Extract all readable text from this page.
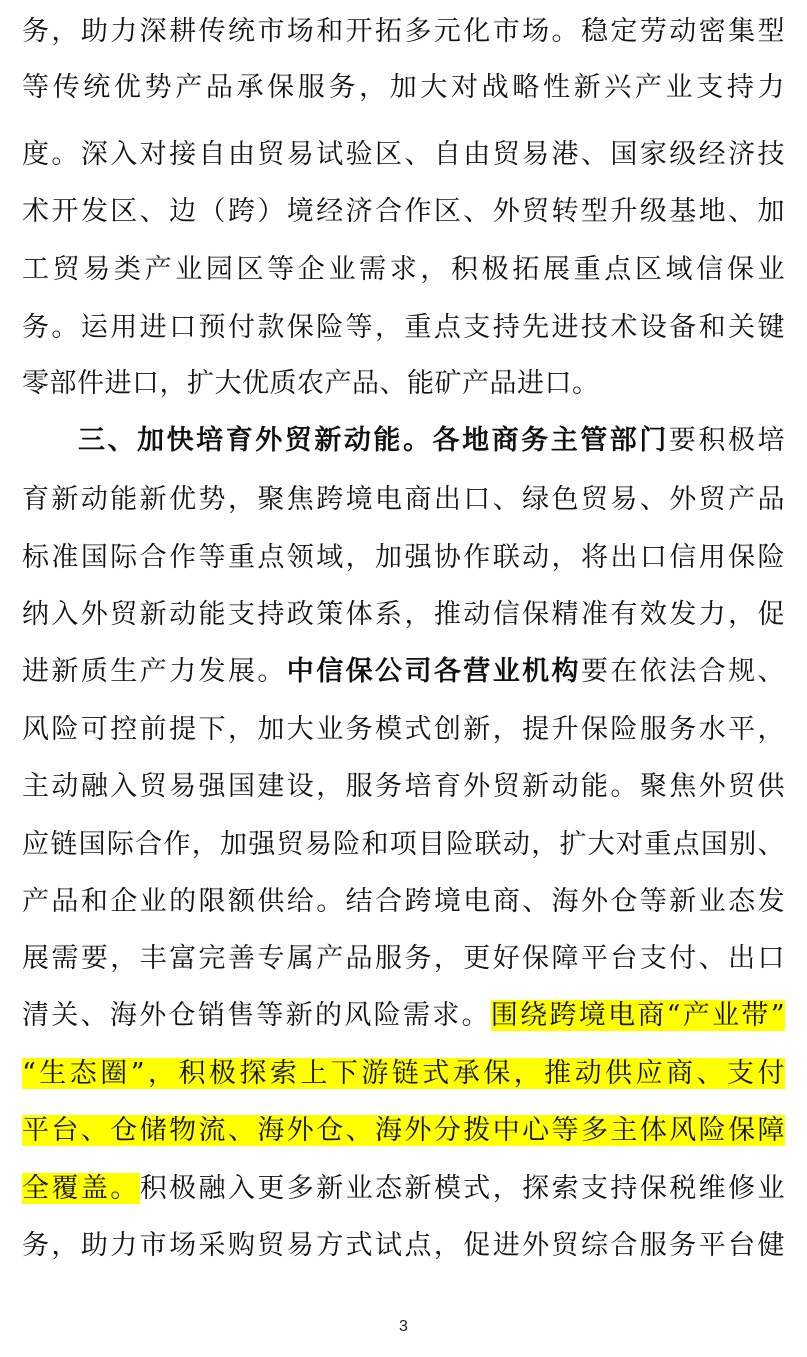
务，助力深耕传统市场和开拓多元化市场。稳定劳动密集型
等传统优势产品承保服务，加大对战略性新兴产业支持力
度。深入对接自由贸易试验区、自由贸易港、国家级经济技
术开发区、边（跨）境经济合作区、外贸转型升级基地、加
工贸易类产业园区等企业需求，积极拓展重点区域信保业
务。运用进口预付款保险等，重点支持先进技术设备和关键
零部件进口，扩大优质农产品、能矿产品进口。
三、加快培育外贸新动能。各地商务主管部门要积极培
育新动能新优势，聚焦跨境电商出口、绿色贸易、外贸产品
标准国际合作等重点领域，加强协作联动，将出口信用保险
纳入外贸新动能支持政策体系，推动信保精准有效发力，促
进新质生产力发展。中信保公司各营业机构要在依法合规、
风险可控前提下，加大业务模式创新，提升保险服务水平，
主动融入贸易强国建设，服务培育外贸新动能。聚焦外贸供
应链国际合作，加强贸易险和项目险联动，扩大对重点国别、
产品和企业的限额供给。结合跨境电商、海外仓等新业态发
展需要，丰富完善专属产品服务，更好保障平台支付、出口
清关、海外仓销售等新的风险需求。围绕跨境电商“产业带”
“生态圈”，积极探索上下游链式承保，推动供应商、支付
平台、仓储物流、海外仓、海外分拨中心等多主体风险保障
全覆盖。积极融入更多新业态新模式，探索支持保税维修业
务，助力市场采购贸易方式试点，促进外贸综合服务平台健
3
